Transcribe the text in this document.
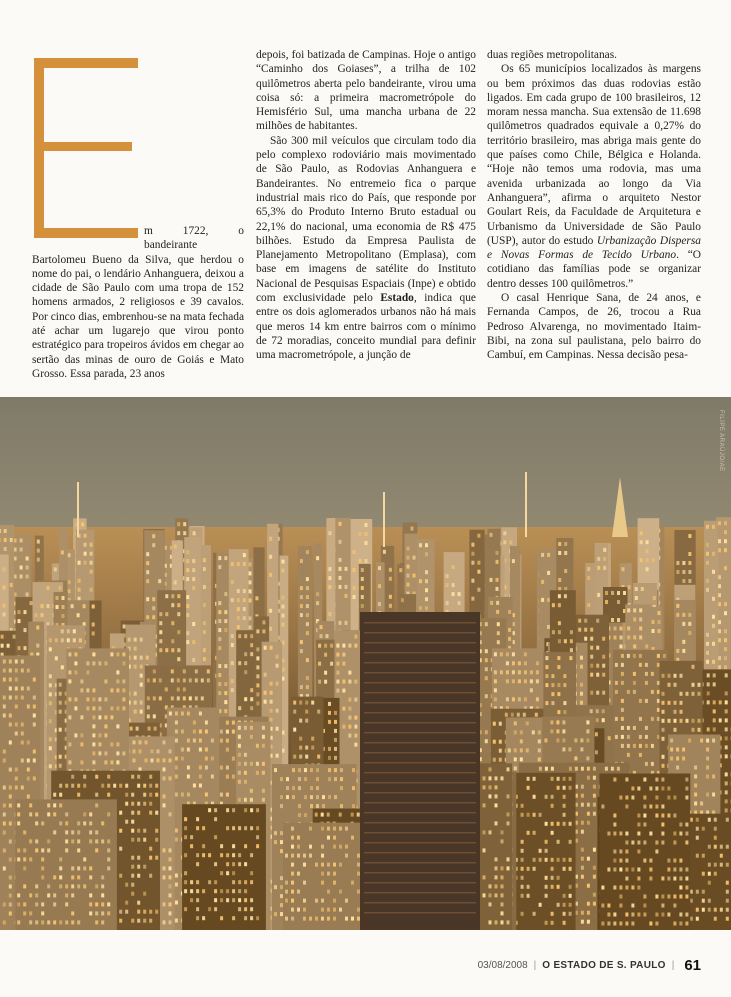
m 1722, o bandeirante Bartolomeu Bueno da Silva, que herdou o nome do pai, o lendário Anhanguera, deixou a cidade de São Paulo com uma tropa de 152 homens armados, 2 religiosos e 39 cavalos. Por cinco dias, embrenhou-se na mata fechada até achar um lugarejo que virou ponto estratégico para tropeiros ávidos em chegar ao sertão das minas de ouro de Goiás e Mato Grosso. Essa parada, 23 anos

depois, foi batizada de Campinas. Hoje o antigo “Caminho dos Goiases”, a trilha de 102 quilômetros aberta pelo bandeirante, virou uma coisa só: a primeira macrometrópole do Hemisfério Sul, uma mancha urbana de 22 milhões de habitantes.

São 300 mil veículos que circulam todo dia pelo complexo rodoviário mais movimentado de São Paulo, as Rodovias Anhanguera e Bandeirantes. No entremeio fica o parque industrial mais rico do País, que responde por 65,3% do Produto Interno Bruto estadual ou 22,1% do nacional, uma economia de R$ 475 bilhões. Estudo da Empresa Paulista de Planejamento Metropolitano (Emplasa), com base em imagens de satélite do Instituto Nacional de Pesquisas Espaciais (Inpe) e obtido com exclusividade pelo Estado, indica que entre os dois aglomerados urbanos não há mais que meros 14 km entre bairros com o mínimo de 72 moradias, conceito mundial para definir uma macrometrópole, a junção de

duas regiões metropolitanas.

Os 65 municípios localizados às margens ou bem próximos das duas rodovias estão ligados. Em cada grupo de 100 brasileiros, 12 moram nessa mancha. Sua extensão de 11.698 quilômetros quadrados equivale a 0,27% do território brasileiro, mas abriga mais gente do que países como Chile, Bélgica e Holanda. “Hoje não temos uma rodovia, mas uma avenida urbanizada ao longo da Via Anhanguera”, afirma o arquiteto Nestor Goulart Reis, da Faculdade de Arquitetura e Urbanismo da Universidade de São Paulo (USP), autor do estudo Urbanização Dispersa e Novas Formas de Tecido Urbano. “O cotidiano das famílias pode se organizar dentro desses 100 quilômetros.”

O casal Henrique Sana, de 24 anos, e Fernanda Campos, de 26, trocou a Rua Pedroso Alvarenga, no movimentado Itaim-Bibi, na zona sul paulistana, pelo bairro do Cambuí, em Campinas. Nessa decisão pesa-

FILIPE ARAÚJO/AE
03/08/2008 | O ESTADO DE S. PAULO | 61
